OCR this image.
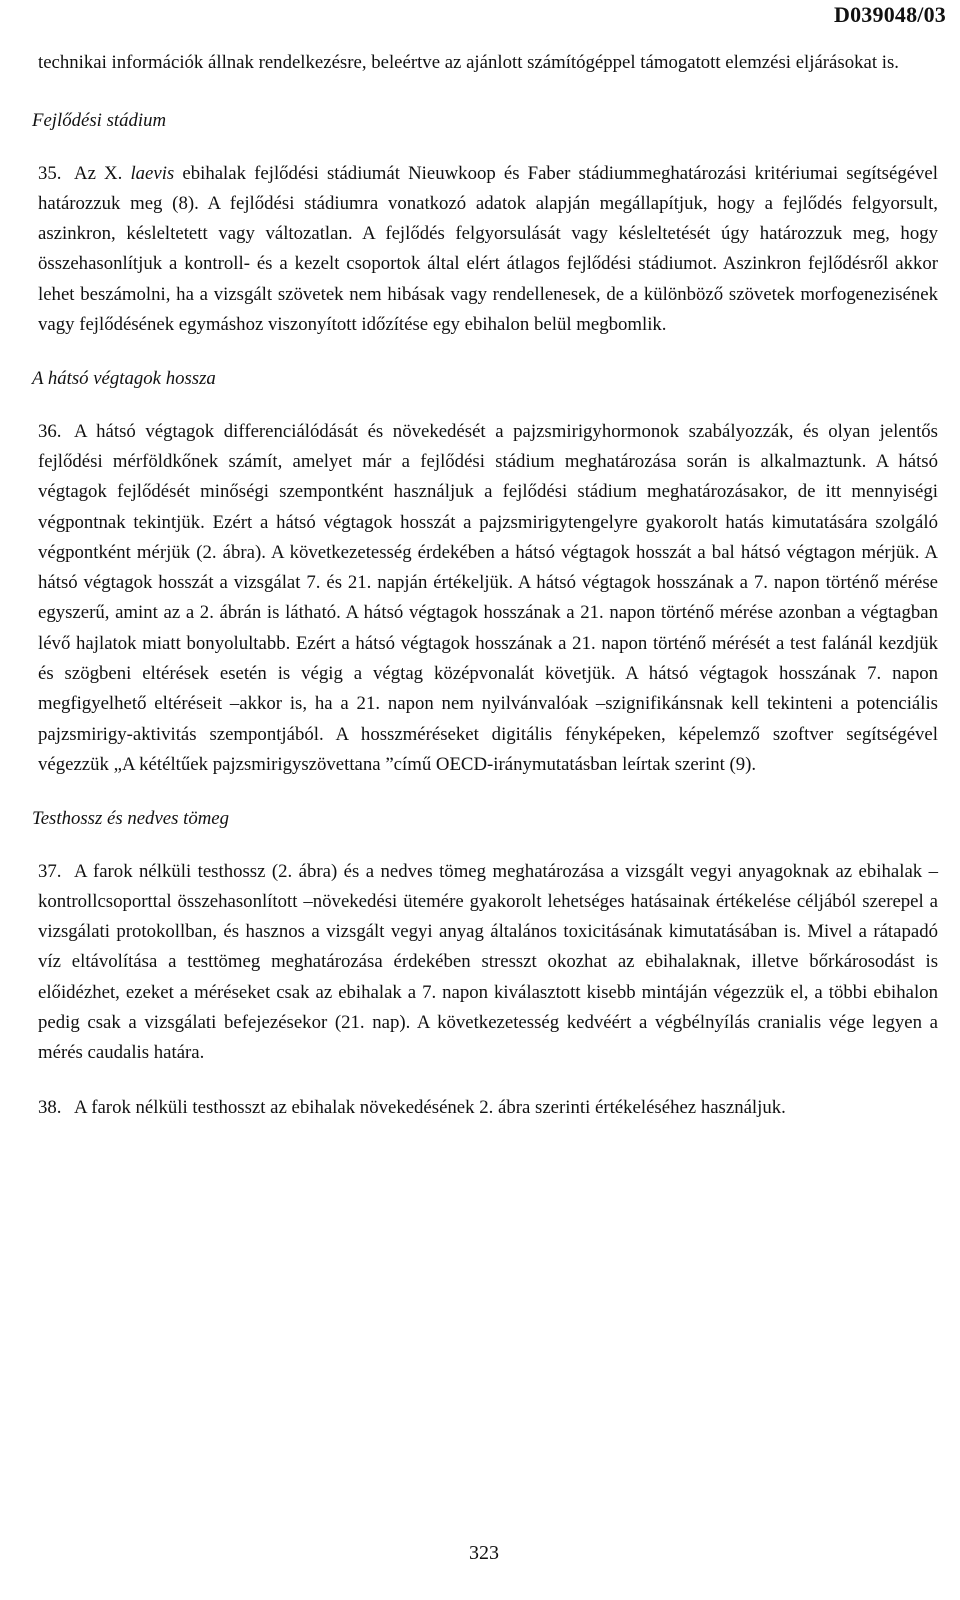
D039048/03

technikai információk állnak rendelkezésre, beleértve az ajánlott számítógéppel támogatott elemzési eljárásokat is.

Fejlődési stádium

35. Az X. laevis ebihalak fejlődési stádiumát Nieuwkoop és Faber stádiummeghatározási kritériumai segítségével határozzuk meg (8). A fejlődési stádiumra vonatkozó adatok alapján megállapítjuk, hogy a fejlődés felgyorsult, aszinkron, késleltetett vagy változatlan. A fejlődés felgyorsulását vagy késleltetését úgy határozzuk meg, hogy összehasonlítjuk a kontroll- és a kezelt csoportok által elért átlagos fejlődési stádiumot. Aszinkron fejlődésről akkor lehet beszámolni, ha a vizsgált szövetek nem hibásak vagy rendellenesek, de a különböző szövetek morfogenezisének vagy fejlődésének egymáshoz viszonyított időzítése egy ebihalon belül megbomlik.

A hátsó végtagok hossza

36. A hátsó végtagok differenciálódását és növekedését a pajzsmirigyhormonok szabályozzák, és olyan jelentős fejlődési mérföldkőnek számít, amelyet már a fejlődési stádium meghatározása során is alkalmaztunk. A hátsó végtagok fejlődését minőségi szempontként használjuk a fejlődési stádium meghatározásakor, de itt mennyiségi végpontnak tekintjük. Ezért a hátsó végtagok hosszát a pajzsmirigytengelyre gyakorolt hatás kimutatására szolgáló végpontként mérjük (2. ábra). A következetesség érdekében a hátsó végtagok hosszát a bal hátsó végtagon mérjük. A hátsó végtagok hosszát a vizsgálat 7. és 21. napján értékeljük. A hátsó végtagok hosszának a 7. napon történő mérése egyszerű, amint az a 2. ábrán is látható. A hátsó végtagok hosszának a 21. napon történő mérése azonban a végtagban lévő hajlatok miatt bonyolultabb. Ezért a hátsó végtagok hosszának a 21. napon történő mérését a test falánál kezdjük és szögbeni eltérések esetén is végig a végtag középvonalát követjük. A hátsó végtagok hosszának 7. napon megfigyelhető eltéréseit –akkor is, ha a 21. napon nem nyilvánvalóak –szignifikánsnak kell tekinteni a potenciális pajzsmirigy-aktivitás szempontjából. A hosszméréseket digitális fényképeken, képelemző szoftver segítségével végezzük „A kétéltűek pajzsmirigyszövettana ”című OECD-iránymutatásban leírtak szerint (9).

Testhossz és nedves tömeg

37. A farok nélküli testhossz (2. ábra) és a nedves tömeg meghatározása a vizsgált vegyi anyagoknak az ebihalak –kontrollcsoporttal összehasonlított –növekedési ütemére gyakorolt lehetséges hatásainak értékelése céljából szerepel a vizsgálati protokollban, és hasznos a vizsgált vegyi anyag általános toxicitásának kimutatásában is. Mivel a rátapadó víz eltávolítása a testtömeg meghatározása érdekében stresszt okozhat az ebihalaknak, illetve bőrkárosodást is előidézhet, ezeket a méréseket csak az ebihalak a 7. napon kiválasztott kisebb mintáján végezzük el, a többi ebihalon pedig csak a vizsgálati befejezésekor (21. nap). A következetesség kedvéért a végbélnyílás cranialis vége legyen a mérés caudalis határa.

38. A farok nélküli testhosszt az ebihalak növekedésének 2. ábra szerinti értékeléséhez használjuk.

323
